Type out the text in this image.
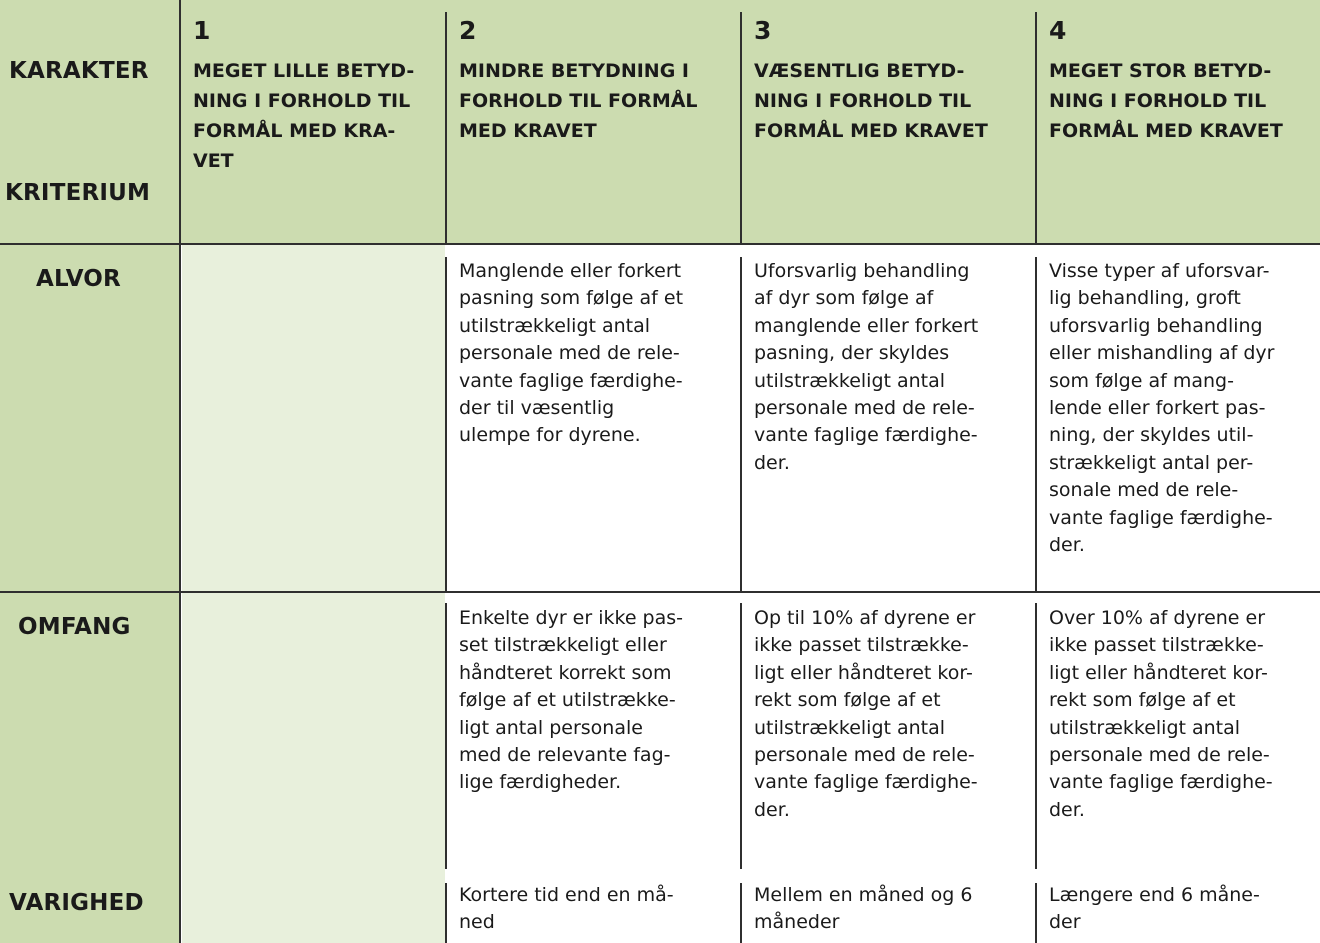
KARAKTER
KRITERIUM
1
MEGET LILLE BETYD-
NING I FORHOLD TIL
FORMÅL MED KRA-
VET
2
MINDRE BETYDNING I
FORHOLD TIL FORMÅL
MED KRAVET
3
VÆSENTLIG BETYD-
NING I FORHOLD TIL
FORMÅL MED KRAVET
4
MEGET STOR BETYD-
NING I FORHOLD TIL
FORMÅL MED KRAVET
ALVOR
OMFANG
VARIGHED
Manglende eller forkert
pasning som følge af et
utilstrækkeligt antal
personale med de rele-
vante faglige færdighe-
der til væsentlig
ulempe for dyrene.
Uforsvarlig behandling
af dyr som følge af
manglende eller forkert
pasning, der skyldes
utilstrækkeligt antal
personale med de rele-
vante faglige færdighe-
der.
Visse typer af uforsvar-
lig behandling, groft
uforsvarlig behandling
eller mishandling af dyr
som følge af mang-
lende eller forkert pas-
ning, der skyldes util-
strækkeligt antal per-
sonale med de rele-
vante faglige færdighe-
der.
Enkelte dyr er ikke pas-
set tilstrækkeligt eller
håndteret korrekt som
følge af et utilstrække-
ligt antal personale
med de relevante fag-
lige færdigheder.
Op til 10% af dyrene er
ikke passet tilstrække-
ligt eller håndteret kor-
rekt som følge af et
utilstrækkeligt antal
personale med de rele-
vante faglige færdighe-
der.
Over 10% af dyrene er
ikke passet tilstrække-
ligt eller håndteret kor-
rekt som følge af et
utilstrækkeligt antal
personale med de rele-
vante faglige færdighe-
der.
Kortere tid end en må-
ned
Mellem en måned og 6
måneder
Længere end 6 måne-
der
